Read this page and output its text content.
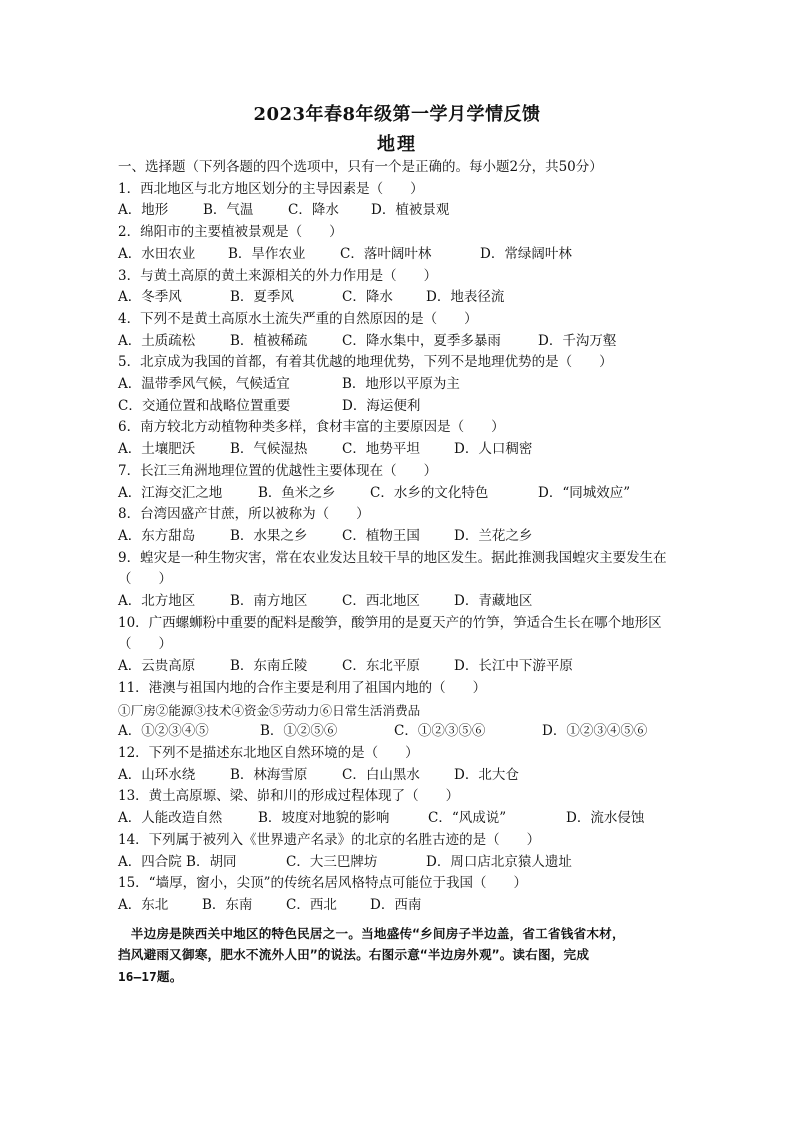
2023年春8年级第一学月学情反馈
地理
一、选择题（下列各题的四个选项中，只有一个是正确的。每小题2分，共50分）
1．西北地区与北方地区划分的主导因素是（　　）
A．地形	B．气温	C．降水	D．植被景观
2．绵阳市的主要植被景观是（　　）
A．水田农业	B．旱作农业	C．落叶阔叶林	D．常绿阔叶林
3．与黄土高原的黄土来源相关的外力作用是（　　）
A．冬季风	B．夏季风	C．降水	D．地表径流
4．下列不是黄土高原水土流失严重的自然原因的是（　　）
A．土质疏松	B．植被稀疏	C．降水集中，夏季多暴雨	D．千沟万壑
5．北京成为我国的首都，有着其优越的地理优势，下列不是地理优势的是（　　）
A．温带季风气候，气候适宜	B．地形以平原为主
C．交通位置和战略位置重要	D．海运便利
6．南方较北方动植物种类多样，食材丰富的主要原因是（　　）
A．土壤肥沃	B．气候湿热	C．地势平坦	D．人口稠密
7．长江三角洲地理位置的优越性主要体现在（　　）
A．江海交汇之地	B．鱼米之乡	C．水乡的文化特色	D．“同城效应”
8．台湾因盛产甘蔗，所以被称为（　　）
A．东方甜岛	B．水果之乡	C．植物王国	D．兰花之乡
9．蝗灾是一种生物灾害，常在农业发达且较干旱的地区发生。据此推测我国蝗灾主要发生在（　　）
A．北方地区	B．南方地区	C．西北地区	D．青藏地区
10．广西螺蛳粉中重要的配料是酸笋，酸笋用的是夏天产的竹笋，笋适合生长在哪个地形区（　　）
A．云贵高原	B．东南丘陵	C．东北平原	D．长江中下游平原
11．港澳与祖国内地的合作主要是利用了祖国内地的（　　）
①厂房②能源③技术④资金⑤劳动力⑥日常生活消费品
A．①②③④⑤	B．①②⑤⑥	C．①②③⑤⑥	D．①②③④⑤⑥
12．下列不是描述东北地区自然环境的是（　　）
A．山环水绕	B．林海雪原	C．白山黑水	D．北大仓
13．黄土高原塬、梁、峁和川的形成过程体现了（　　）
A．人能改造自然	B．坡度对地貌的影响	C．“风成说”	D．流水侵蚀
14．下列属于被列入《世界遗产名录》的北京的名胜古迹的是（　　）
A．四合院 B．胡同	C．大三巴牌坊	D．周口店北京猿人遗址
15．“墙厚，窗小，尖顶”的传统名居风格特点可能位于我国（　　）
A．东北	B．东南	C．西北	D．西南
　半边房是陕西关中地区的特色民居之一。当地盛传“乡间房子半边盖，省工省钱省木材，
挡风避雨又御寒，肥水不流外人田”的说法。右图示意“半边房外观”。读右图，完成
16—17题。
